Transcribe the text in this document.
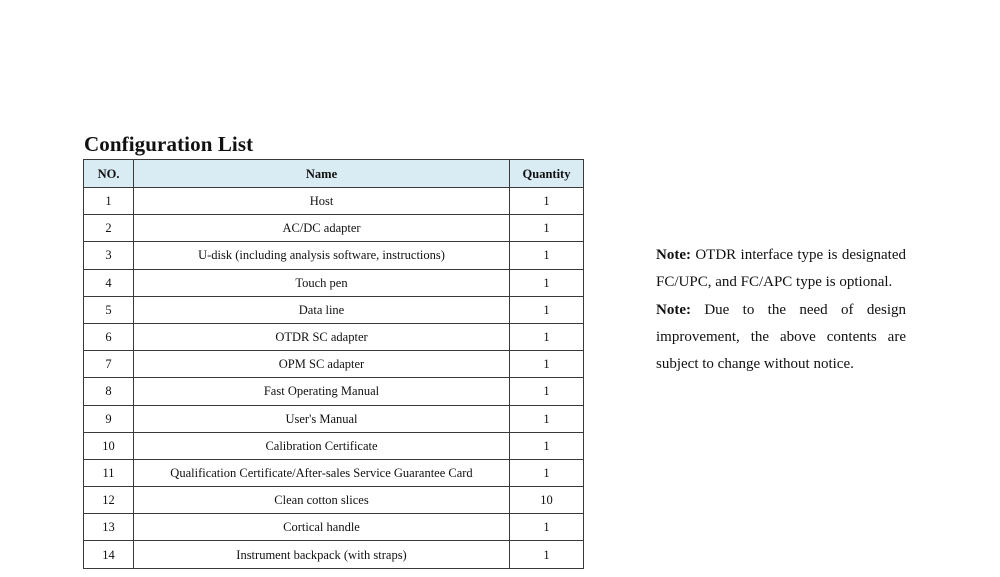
Configuration List
NO.	Name	Quantity
1	Host	1
2	AC/DC adapter	1
3	U-disk (including analysis software, instructions)	1
4	Touch pen	1
5	Data line	1
6	OTDR SC adapter	1
7	OPM SC adapter	1
8	Fast Operating Manual	1
9	User's Manual	1
10	Calibration Certificate	1
11	Qualification Certificate/After-sales Service Guarantee Card	1
12	Clean cotton slices	10
13	Cortical handle	1
14	Instrument backpack (with straps)	1

Note: OTDR interface type is designated FC/UPC, and FC/APC type is optional.

Note: Due to the need of design improvement, the above contents are subject to change without notice.
